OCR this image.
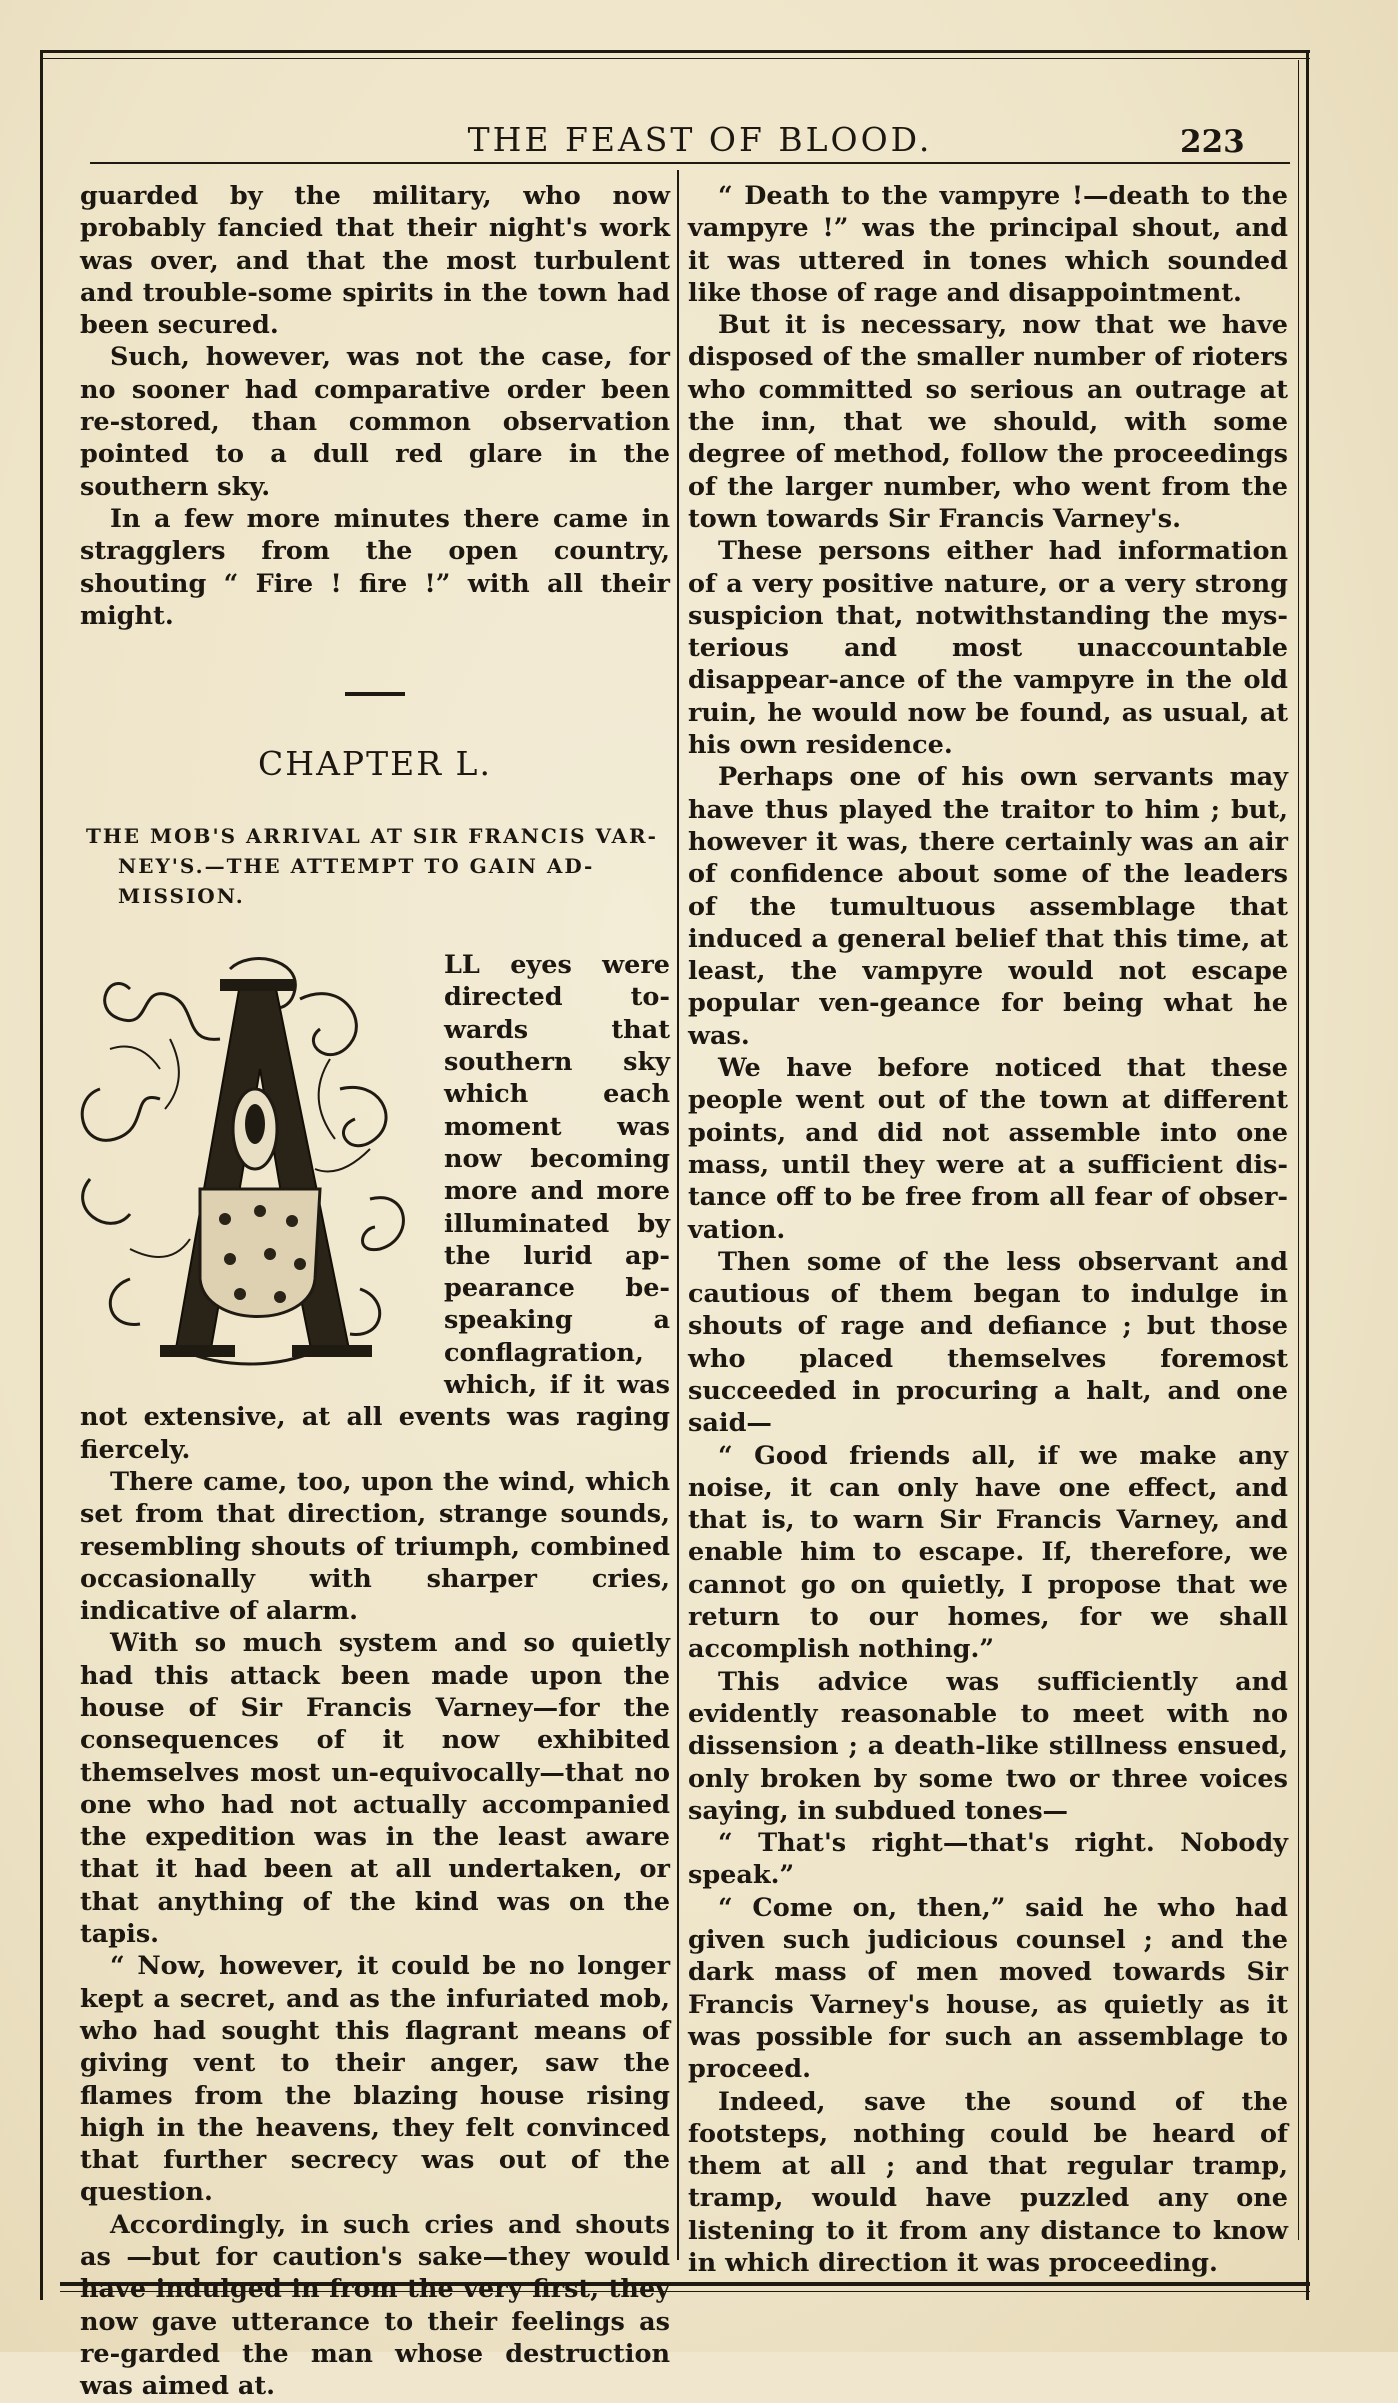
THE FEAST OF BLOOD.	223

guarded by the military, who now probably fancied that their night's work was over, and that the most turbulent and trouble-some spirits in the town had been secured.

Such, however, was not the case, for no sooner had comparative order been re-stored, than common observation pointed to a dull red glare in the southern sky.

In a few more minutes there came in stragglers from the open country, shouting “ Fire ! fire !” with all their might.

CHAPTER L.

THE MOB'S ARRIVAL AT SIR FRANCIS VAR-NEY'S.—THE ATTEMPT TO GAIN AD-MISSION.

LL eyes were directed to-wards that southern sky which each moment was now becoming more and more illuminated by the lurid ap-pearance be-speaking a conflagration, which, if it was not extensive, at all events was raging fiercely.

There came, too, upon the wind, which set from that direction, strange sounds, resembling shouts of triumph, combined occasionally with sharper cries, indicative of alarm.

With so much system and so quietly had this attack been made upon the house of Sir Francis Varney—for the consequences of it now exhibited themselves most un-equivocally—that no one who had not actually accompanied the expedition was in the least aware that it had been at all undertaken, or that anything of the kind was on the tapis.

“ Now, however, it could be no longer kept a secret, and as the infuriated mob, who had sought this flagrant means of giving vent to their anger, saw the flames from the blazing house rising high in the heavens, they felt convinced that further secrecy was out of the question.

Accordingly, in such cries and shouts as —but for caution's sake—they would have indulged in from the very first, they now gave utterance to their feelings as re-garded the man whose destruction was aimed at.

“ Death to the vampyre !—death to the vampyre !” was the principal shout, and it was uttered in tones which sounded like those of rage and disappointment.

But it is necessary, now that we have disposed of the smaller number of rioters who committed so serious an outrage at the inn, that we should, with some degree of method, follow the proceedings of the larger number, who went from the town towards Sir Francis Varney's.

These persons either had information of a very positive nature, or a very strong suspicion that, notwithstanding the mys-terious and most unaccountable disappear-ance of the vampyre in the old ruin, he would now be found, as usual, at his own residence.

Perhaps one of his own servants may have thus played the traitor to him ; but, however it was, there certainly was an air of confidence about some of the leaders of the tumultuous assemblage that induced a general belief that this time, at least, the vampyre would not escape popular ven-geance for being what he was.

We have before noticed that these people went out of the town at different points, and did not assemble into one mass, until they were at a sufficient dis-tance off to be free from all fear of obser-vation.

Then some of the less observant and cautious of them began to indulge in shouts of rage and defiance ; but those who placed themselves foremost succeeded in procuring a halt, and one said—

“ Good friends all, if we make any noise, it can only have one effect, and that is, to warn Sir Francis Varney, and enable him to escape. If, therefore, we cannot go on quietly, I propose that we return to our homes, for we shall accomplish nothing.”

This advice was sufficiently and evidently reasonable to meet with no dissension ; a death-like stillness ensued, only broken by some two or three voices saying, in subdued tones—

“ That's right—that's right. Nobody speak.”

“ Come on, then,” said he who had given such judicious counsel ; and the dark mass of men moved towards Sir Francis Varney's house, as quietly as it was possible for such an assemblage to proceed.

Indeed, save the sound of the footsteps, nothing could be heard of them at all ; and that regular tramp, tramp, would have puzzled any one listening to it from any distance to know in which direction it was proceeding.
